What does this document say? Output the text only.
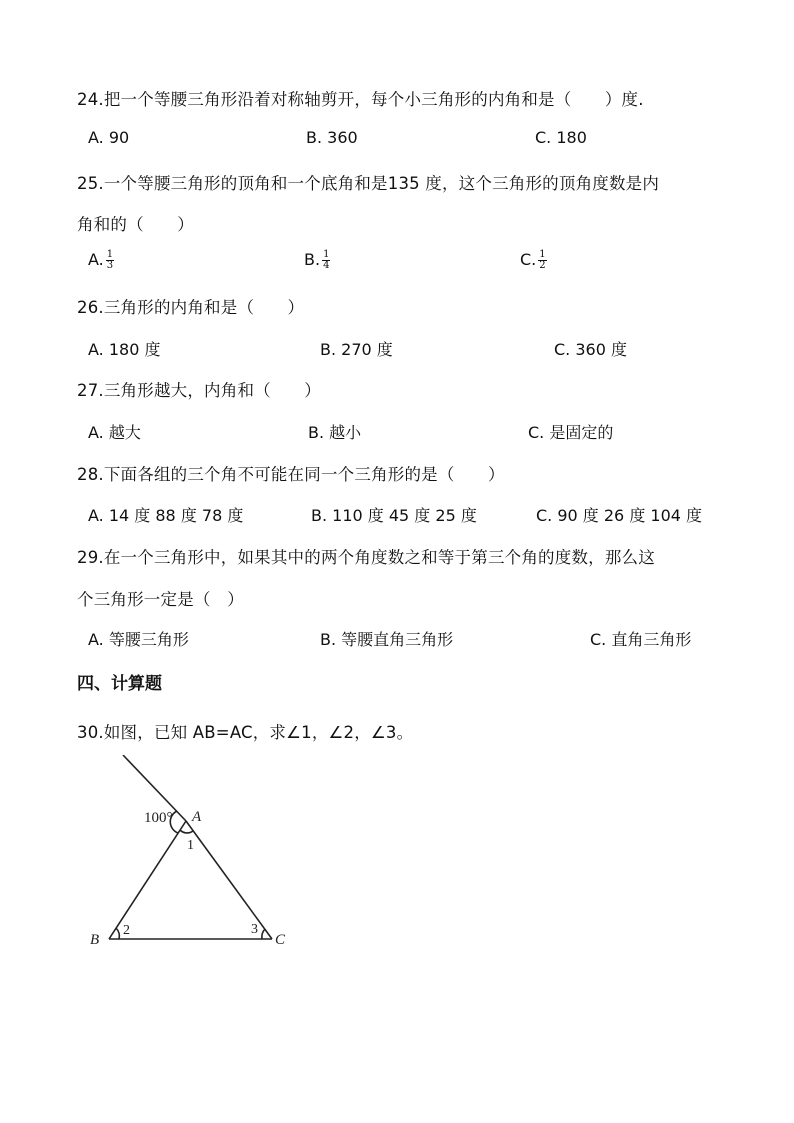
24.把一个等腰三角形沿着对称轴剪开，每个小三角形的内角和是（　　）度.
A. 90	B. 360	C. 180
25.一个等腰三角形的顶角和一个底角和是135 度，这个三角形的顶角度数是内
角和的（　　）
A. $\frac{1}{3}$	B. $\frac{1}{4}$	C. $\frac{1}{2}$
26.三角形的内角和是（　　）
A. 180 度	B. 270 度	C. 360 度
27.三角形越大，内角和（　　）
A. 越大	B. 越小	C. 是固定的
28.下面各组的三个角不可能在同一个三角形的是（　　）
A. 14 度 88 度 78 度	B. 110 度 45 度 25 度	C. 90 度 26 度 104 度
29.在一个三角形中，如果其中的两个角度数之和等于第三个角的度数，那么这
个三角形一定是（　）
A. 等腰三角形	B. 等腰直角三角形	C. 直角三角形
四、计算题
30.如图，已知 AB=AC，求∠1，∠2，∠3。
100° A
1
B
2	3
C
